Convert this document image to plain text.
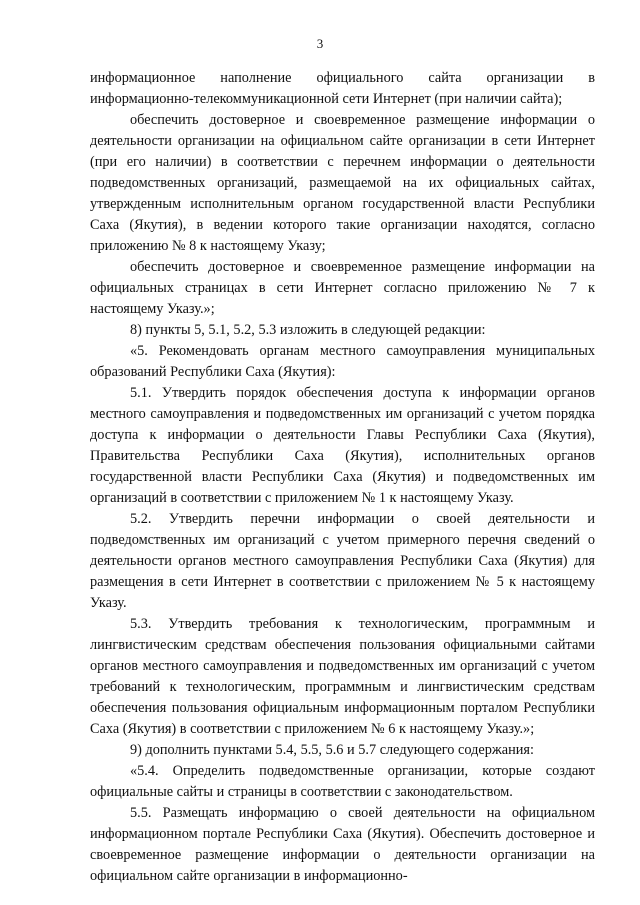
3

информационное наполнение официального сайта организации в информационно-телекоммуникационной сети Интернет (при наличии сайта);

обеспечить достоверное и своевременное размещение информации о деятельности организации на официальном сайте организации в сети Интернет (при его наличии) в соответствии с перечнем информации о деятельности подведомственных организаций, размещаемой на их официальных сайтах, утвержденным исполнительным органом государственной власти Республики Саха (Якутия), в ведении которого такие организации находятся, согласно приложению № 8 к настоящему Указу;

обеспечить достоверное и своевременное размещение информации на официальных страницах в сети Интернет согласно приложению № 7 к настоящему Указу.»;

8) пункты 5, 5.1, 5.2, 5.3 изложить в следующей редакции:

«5. Рекомендовать органам местного самоуправления муниципальных образований Республики Саха (Якутия):

5.1. Утвердить порядок обеспечения доступа к информации органов местного самоуправления и подведомственных им организаций с учетом порядка доступа к информации о деятельности Главы Республики Саха (Якутия), Правительства Республики Саха (Якутия), исполнительных органов государственной власти Республики Саха (Якутия) и подведомственных им организаций в соответствии с приложением № 1 к настоящему Указу.

5.2. Утвердить перечни информации о своей деятельности и подведомственных им организаций с учетом примерного перечня сведений о деятельности органов местного самоуправления Республики Саха (Якутия) для размещения в сети Интернет в соответствии с приложением № 5 к настоящему Указу.

5.3. Утвердить требования к технологическим, программным и лингвистическим средствам обеспечения пользования официальными сайтами органов местного самоуправления и подведомственных им организаций с учетом требований к технологическим, программным и лингвистическим средствам обеспечения пользования официальным информационным порталом Республики Саха (Якутия) в соответствии с приложением № 6 к настоящему Указу.»;

9) дополнить пунктами 5.4, 5.5, 5.6 и 5.7 следующего содержания:

«5.4. Определить подведомственные организации, которые создают официальные сайты и страницы в соответствии с законодательством.

5.5. Размещать информацию о своей деятельности на официальном информационном портале Республики Саха (Якутия). Обеспечить достоверное и своевременное размещение информации о деятельности организации на официальном сайте организации в информационно-
